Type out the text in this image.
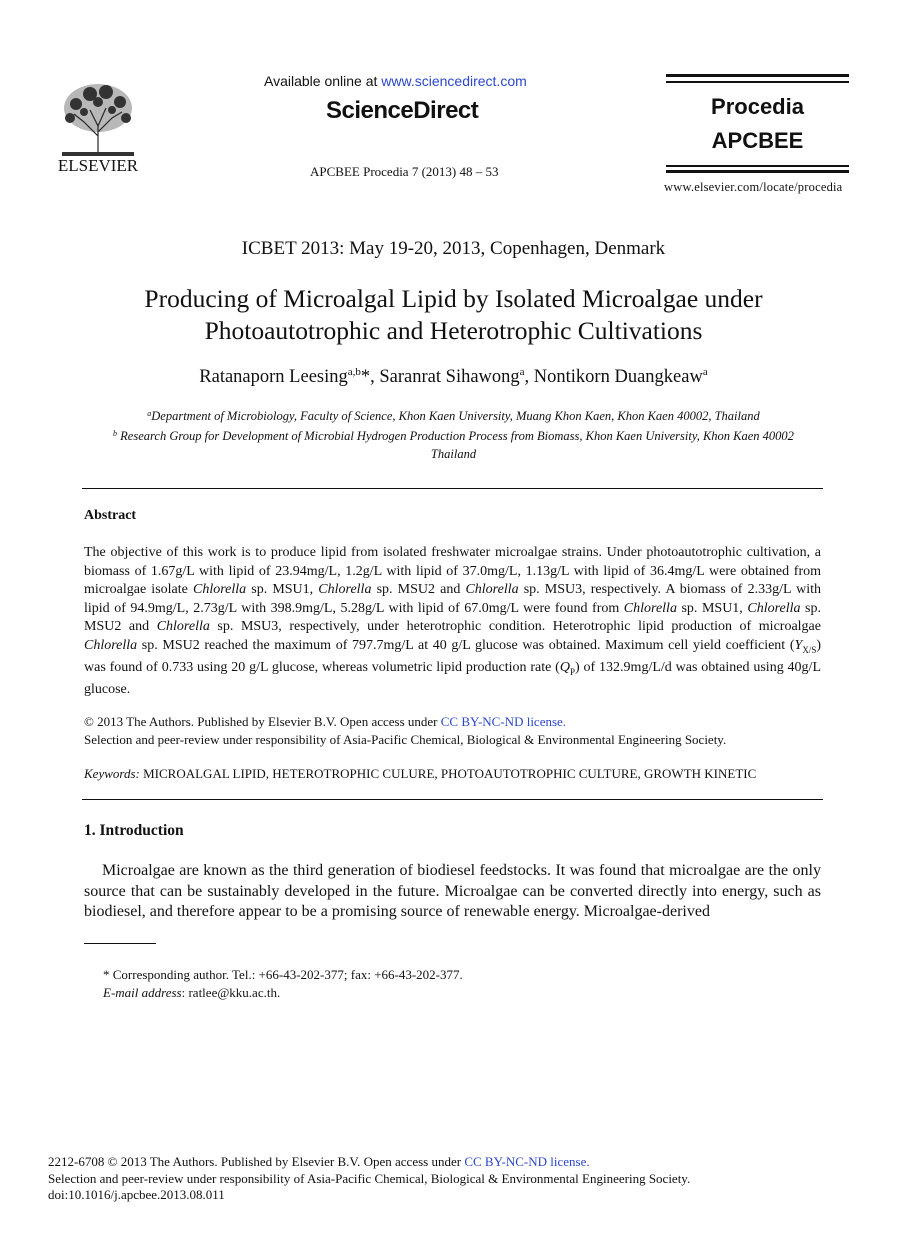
ELSEVIER
Available online at www.sciencedirect.com
ScienceDirect
APCBEE Procedia 7 (2013) 48 – 53
Procedia
APCBEE
www.elsevier.com/locate/procedia
ICBET 2013: May 19-20, 2013, Copenhagen, Denmark
Producing of Microalgal Lipid by Isolated Microalgae under
Photoautotrophic and Heterotrophic Cultivations
Ratanaporn Leesing$^{a,b}$*, Saranrat Sihawong$^a$, Nontikorn Duangkeaw$^a$
$^a$Department of Microbiology, Faculty of Science, Khon Kaen University, Muang Khon Kaen, Khon Kaen 40002, Thailand
$^b$ Research Group for Development of Microbial Hydrogen Production Process from Biomass, Khon Kaen University, Khon Kaen 40002
Thailand
Abstract
The objective of this work is to produce lipid from isolated freshwater microalgae strains. Under photoautotrophic cultivation, a biomass of 1.67g/L with lipid of 23.94mg/L, 1.2g/L with lipid of 37.0mg/L, 1.13g/L with lipid of 36.4mg/L were obtained from microalgae isolate Chlorella sp. MSU1, Chlorella sp. MSU2 and Chlorella sp. MSU3, respectively. A biomass of 2.33g/L with lipid of 94.9mg/L, 2.73g/L with 398.9mg/L, 5.28g/L with lipid of 67.0mg/L were found from Chlorella sp. MSU1, Chlorella sp. MSU2 and Chlorella sp. MSU3, respectively, under heterotrophic condition. Heterotrophic lipid production of microalgae Chlorella sp. MSU2 reached the maximum of 797.7mg/L at 40 g/L glucose was obtained. Maximum cell yield coefficient $(Y_{X/S})$ was found of 0.733 using 20 g/L glucose, whereas volumetric lipid production rate $(Q_P)$ of 132.9mg/L/d was obtained using 40g/L glucose.
© 2013 The Authors. Published by Elsevier B.V. Open access under CC BY-NC-ND license.
Selection and peer-review under responsibility of Asia-Pacific Chemical, Biological & Environmental Engineering Society.
Keywords: MICROALGAL LIPID, HETEROTROPHIC CULURE, PHOTOAUTOTROPHIC CULTURE, GROWTH KINETIC
1. Introduction
Microalgae are known as the third generation of biodiesel feedstocks. It was found that microalgae are the only source that can be sustainably developed in the future. Microalgae can be converted directly into energy, such as biodiesel, and therefore appear to be a promising source of renewable energy. Microalgae-derived
* Corresponding author. Tel.: +66-43-202-377; fax: +66-43-202-377.
E-mail address: ratlee@kku.ac.th.
2212-6708 © 2013 The Authors. Published by Elsevier B.V. Open access under CC BY-NC-ND license.
Selection and peer-review under responsibility of Asia-Pacific Chemical, Biological & Environmental Engineering Society.
doi:10.1016/j.apcbee.2013.08.011
